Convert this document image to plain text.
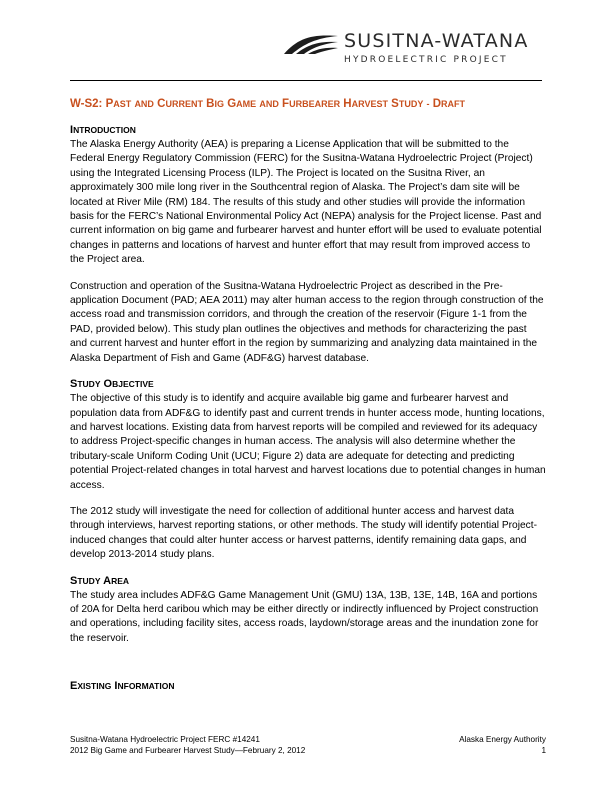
SUSITNA-WATANA
HYDROELECTRIC PROJECT
W-S2: PAST AND CURRENT BIG GAME AND FURBEARER HARVEST STUDY - DRAFT
INTRODUCTION

The Alaska Energy Authority (AEA) is preparing a License Application that will be submitted to the Federal Energy Regulatory Commission (FERC) for the Susitna-Watana Hydroelectric Project (Project) using the Integrated Licensing Process (ILP). The Project is located on the Susitna River, an approximately 300 mile long river in the Southcentral region of Alaska. The Project’s dam site will be located at River Mile (RM) 184. The results of this study and other studies will provide the information basis for the FERC’s National Environmental Policy Act (NEPA) analysis for the Project license. Past and current information on big game and furbearer harvest and hunter effort will be used to evaluate potential changes in patterns and locations of harvest and hunter effort that may result from improved access to the Project area.

Construction and operation of the Susitna-Watana Hydroelectric Project as described in the Pre-application Document (PAD; AEA 2011) may alter human access to the region through construction of the access road and transmission corridors, and through the creation of the reservoir (Figure 1-1 from the PAD, provided below). This study plan outlines the objectives and methods for characterizing the past and current harvest and hunter effort in the region by summarizing and analyzing data maintained in the Alaska Department of Fish and Game (ADF&G) harvest database.

STUDY OBJECTIVE

The objective of this study is to identify and acquire available big game and furbearer harvest and population data from ADF&G to identify past and current trends in hunter access mode, hunting locations, and harvest locations. Existing data from harvest reports will be compiled and reviewed for its adequacy to address Project-specific changes in human access. The analysis will also determine whether the tributary-scale Uniform Coding Unit (UCU; Figure 2) data are adequate for detecting and predicting potential Project-related changes in total harvest and harvest locations due to potential changes in human access.

The 2012 study will investigate the need for collection of additional hunter access and harvest data through interviews, harvest reporting stations, or other methods. The study will identify potential Project-induced changes that could alter hunter access or harvest patterns, identify remaining data gaps, and develop 2013-2014 study plans.

STUDY AREA

The study area includes ADF&G Game Management Unit (GMU) 13A, 13B, 13E, 14B, 16A and portions of 20A for Delta herd caribou which may be either directly or indirectly influenced by Project construction and operations, including facility sites, access roads, laydown/storage areas and the inundation zone for the reservoir.

EXISTING INFORMATION
Susitna-Watana Hydroelectric Project FERC #14241	Alaska Energy Authority
2012 Big Game and Furbearer Harvest Study—February 2, 2012	1
